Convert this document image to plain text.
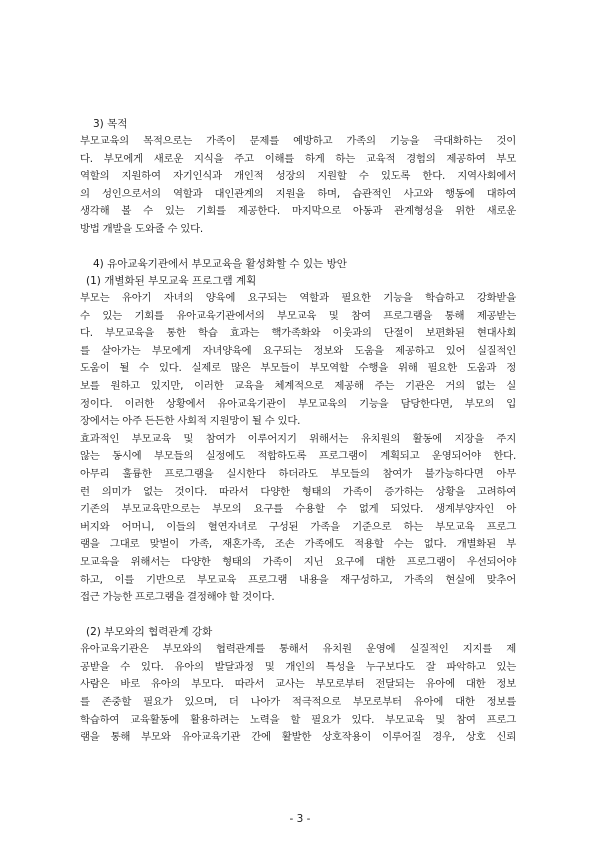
3) 목적

부모교육의 목적으로는 가족이 문제를 예방하고 가족의 기능을 극대화하는 것이

다. 부모에게 새로운 지식을 주고 이해를 하게 하는 교육적 경험의 제공하여 부모

역할의 지원하여 자기인식과 개인적 성장의 지원할 수 있도록 한다. 지역사회에서

의 성인으로서의 역할과 대인관계의 지원을 하며, 습관적인 사고와 행동에 대하여

생각해 볼 수 있는 기회를 제공한다. 마지막으로 아동과 관계형성을 위한 새로운

방법 개발을 도와줄 수 있다.

4) 유아교육기관에서 부모교육을 활성화할 수 있는 방안
(1) 개별화된 부모교육 프로그램 계획

부모는 유아기 자녀의 양육에 요구되는 역할과 필요한 기능을 학습하고 강화받을

수 있는 기회를 유아교육기관에서의 부모교육 및 참여 프로그램을 통해 제공받는

다. 부모교육을 통한 학습 효과는 핵가족화와 이웃과의 단절이 보편화된 현대사회

를 살아가는 부모에게 자녀양육에 요구되는 정보와 도움을 제공하고 있어 실질적인

도움이 될 수 있다. 실제로 많은 부모들이 부모역할 수행을 위해 필요한 도움과 정

보를 원하고 있지만, 이러한 교육을 체계적으로 제공해 주는 기관은 거의 없는 실

정이다. 이러한 상황에서 유아교육기관이 부모교육의 기능을 담당한다면, 부모의 입

장에서는 아주 든든한 사회적 지원망이 될 수 있다.

효과적인 부모교육 및 참여가 이루어지기 위해서는 유치원의 활동에 지장을 주지

않는 동시에 부모들의 실정에도 적합하도록 프로그램이 계획되고 운영되어야 한다.

아무리 훌륭한 프로그램을 실시한다 하더라도 부모들의 참여가 불가능하다면 아무

런 의미가 없는 것이다. 따라서 다양한 형태의 가족이 증가하는 상황을 고려하여

기존의 부모교육만으로는 부모의 요구를 수용할 수 없게 되었다. 생계부양자인 아

버지와 어머니, 이들의 혈연자녀로 구성된 가족을 기준으로 하는 부모교육 프로그

램을 그대로 맞벌이 가족, 재혼가족, 조손 가족에도 적용할 수는 없다. 개별화된 부

모교육을 위해서는 다양한 형태의 가족이 지닌 요구에 대한 프로그램이 우선되어야

하고, 이를 기반으로 부모교육 프로그램 내용을 재구성하고, 가족의 현실에 맞추어

접근 가능한 프로그램을 결정해야 할 것이다.

(2) 부모와의 협력관계 강화

유아교육기관은 부모와의 협력관계를 통해서 유치원 운영에 실질적인 지지를 제

공받을 수 있다. 유아의 발달과정 및 개인의 특성을 누구보다도 잘 파악하고 있는

사람은 바로 유아의 부모다. 따라서 교사는 부모로부터 전달되는 유아에 대한 정보

를 존중할 필요가 있으며, 더 나아가 적극적으로 부모로부터 유아에 대한 정보를

학습하여 교육활동에 활용하려는 노력을 할 필요가 있다. 부모교육 및 참여 프로그

램을 통해 부모와 유아교육기관 간에 활발한 상호작용이 이루어질 경우, 상호 신뢰

- 3 -
